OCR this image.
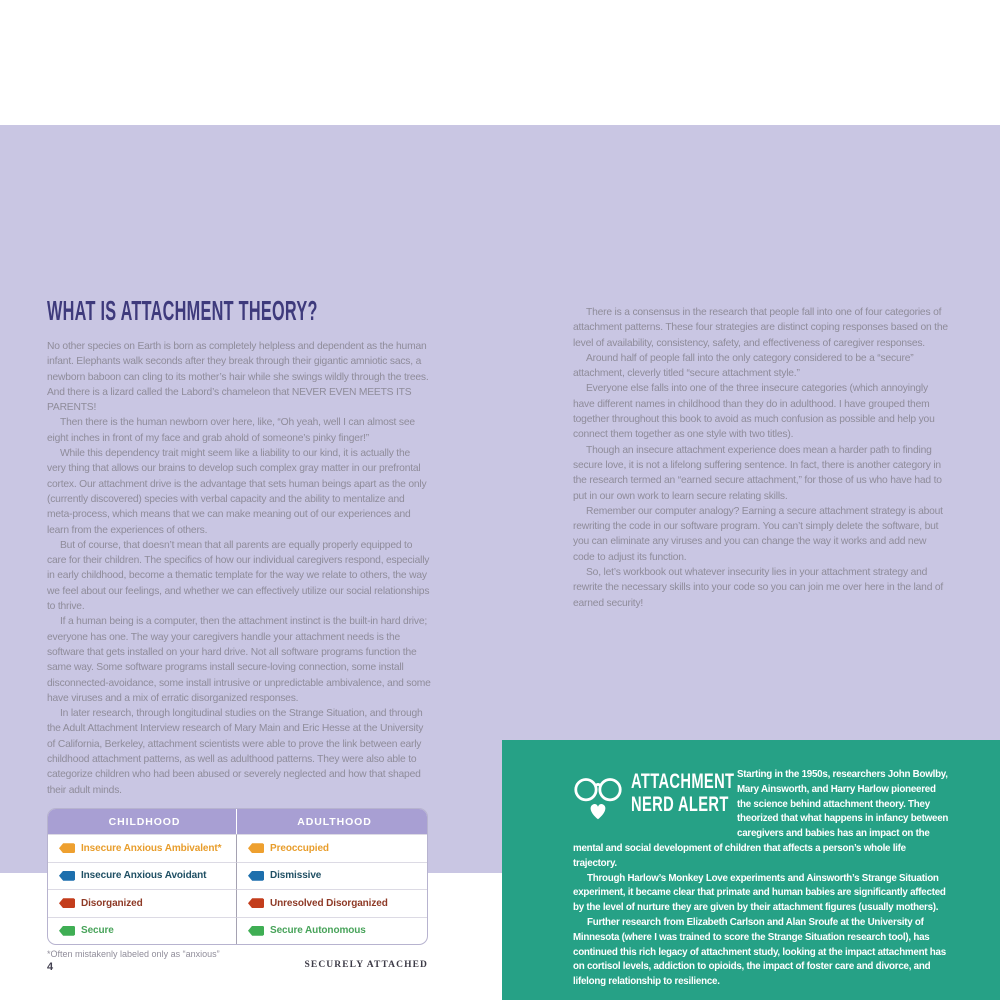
WHAT IS ATTACHMENT THEORY?

No other species on Earth is born as completely helpless and dependent as the human infant. Elephants walk seconds after they break through their gigantic amniotic sacs, a newborn baboon can cling to its mother’s hair while she swings wildly through the trees. And there is a lizard called the Labord’s chameleon that NEVER EVEN MEETS ITS PARENTS!

Then there is the human newborn over here, like, “Oh yeah, well I can almost see eight inches in front of my face and grab ahold of someone’s pinky finger!”

While this dependency trait might seem like a liability to our kind, it is actually the very thing that allows our brains to develop such complex gray matter in our prefrontal cortex. Our attachment drive is the advantage that sets human beings apart as the only (currently discovered) species with verbal capacity and the ability to mentalize and meta-process, which means that we can make meaning out of our experiences and learn from the experiences of others.

But of course, that doesn’t mean that all parents are equally properly equipped to care for their children. The specifics of how our individual caregivers respond, especially in early childhood, become a thematic template for the way we relate to others, the way we feel about our feelings, and whether we can effectively utilize our social relationships to thrive.

If a human being is a computer, then the attachment instinct is the built-in hard drive; everyone has one. The way your caregivers handle your attachment needs is the software that gets installed on your hard drive. Not all software programs function the same way. Some software programs install secure-loving connection, some install disconnected-avoidance, some install intrusive or unpredictable ambivalence, and some have viruses and a mix of erratic disorganized responses.

In later research, through longitudinal studies on the Strange Situation, and through the Adult Attachment Interview research of Mary Main and Eric Hesse at the University of California, Berkeley, attachment scientists were able to prove the link between early childhood attachment patterns, as well as adulthood patterns. They were also able to categorize children who had been abused or severely neglected and how that shaped their adult minds.

CHILDHOOD	ADULTHOOD
Insecure Anxious Ambivalent*	Preoccupied
Insecure Anxious Avoidant	Dismissive
Disorganized	Unresolved Disorganized
Secure	Secure Autonomous
*Often mistakenly labeled only as “anxious”
4	SECURELY ATTACHED

There is a consensus in the research that people fall into one of four categories of attachment patterns. These four strategies are distinct coping responses based on the level of availability, consistency, safety, and effectiveness of caregiver responses.

Around half of people fall into the only category considered to be a “secure” attachment, cleverly titled “secure attachment style.”

Everyone else falls into one of the three insecure categories (which annoyingly have different names in childhood than they do in adulthood. I have grouped them together throughout this book to avoid as much confusion as possible and help you connect them together as one style with two titles).

Though an insecure attachment experience does mean a harder path to finding secure love, it is not a lifelong suffering sentence. In fact, there is another category in the research termed an “earned secure attachment,” for those of us who have had to put in our own work to learn secure relating skills.

Remember our computer analogy? Earning a secure attachment strategy is about rewriting the code in our software program. You can’t simply delete the software, but you can eliminate any viruses and you can change the way it works and add new code to adjust its function.

So, let’s workbook out whatever insecurity lies in your attachment strategy and rewrite the necessary skills into your code so you can join me over here in the land of earned security!

ATTACHMENT
NERD ALERT

Starting in the 1950s, researchers John Bowlby, Mary Ainsworth, and Harry Harlow pioneered the science behind attachment theory. They theorized that what happens in infancy between caregivers and babies has an impact on the mental and social development of children that affects a person’s whole life trajectory.

Through Harlow’s Monkey Love experiments and Ainsworth’s Strange Situation experiment, it became clear that primate and human babies are significantly affected by the level of nurture they are given by their attachment figures (usually mothers).

Further research from Elizabeth Carlson and Alan Sroufe at the University of Minnesota (where I was trained to score the Strange Situation research tool), has continued this rich legacy of attachment study, looking at the impact attachment has on cortisol levels, addiction to opioids, the impact of foster care and divorce, and lifelong relationship to resilience.
